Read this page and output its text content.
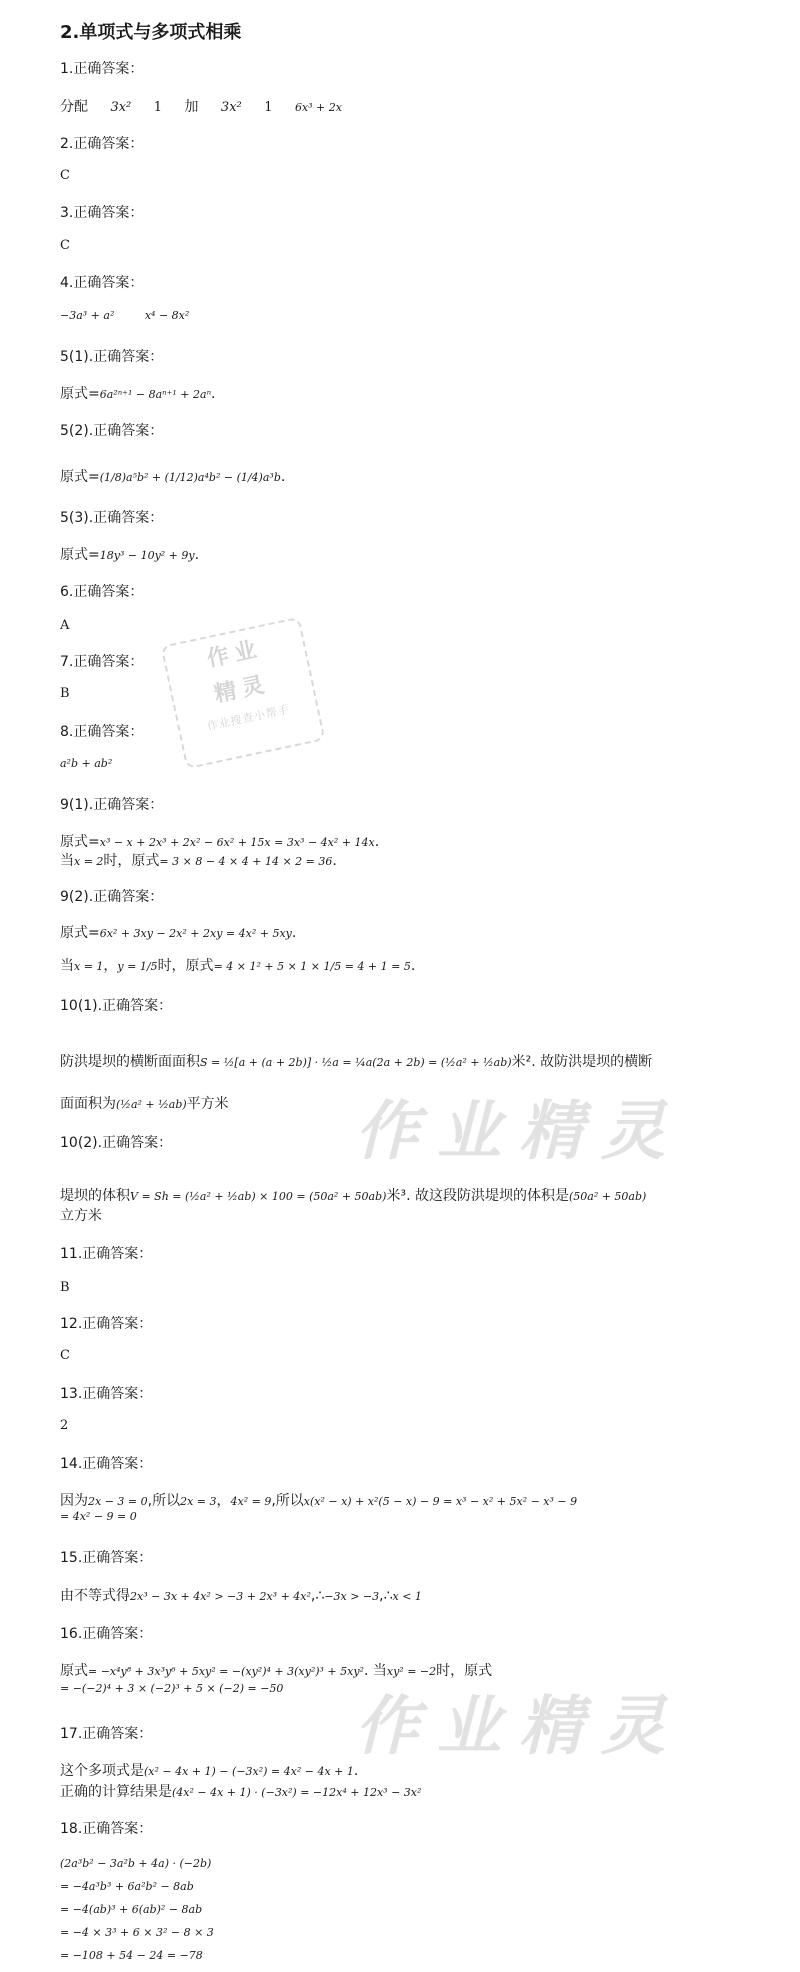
2.单项式与多项式相乘
1.正确答案：
分配 3x² 1 加 3x² 1 6x³ + 2x
2.正确答案：
C
3.正确答案：
C
4.正确答案：
−3a³ + a²	x⁴ − 8x²
5(1).正确答案：
原式=6a²ⁿ⁺¹ − 8aⁿ⁺¹ + 2aⁿ.
5(2).正确答案：
原式=(1/8)a⁵b² + (1/12)a⁴b² − (1/4)a³b.
5(3).正确答案：
原式=18y³ − 10y² + 9y.
6.正确答案：
A
7.正确答案：
B
作业
精灵
作业搜查小帮手
8.正确答案：
a²b + ab²
9(1).正确答案：
原式=x³ − x + 2x³ + 2x² − 6x² + 15x = 3x³ − 4x² + 14x.
当x = 2时，原式= 3 × 8 − 4 × 4 + 14 × 2 = 36.
9(2).正确答案：
原式=6x² + 3xy − 2x² + 2xy = 4x² + 5xy.
当x = 1，y = 1/5时，原式= 4 × 1² + 5 × 1 × 1/5 = 4 + 1 = 5.
10(1).正确答案：
防洪堤坝的横断面面积S = ½[a + (a + 2b)] · ½a = ¼a(2a + 2b) = (½a² + ½ab)米². 故防洪堤坝的横断
面面积为(½a² + ½ab)平方米 作业精灵
10(2).正确答案：
堤坝的体积V = Sh = (½a² + ½ab) × 100 = (50a² + 50ab)米³. 故这段防洪堤坝的体积是(50a² + 50ab)
立方米
11.正确答案：
B
12.正确答案：
C
13.正确答案：
2
14.正确答案：
因为2x − 3 = 0,所以2x = 3，4x² = 9,所以x(x² − x) + x²(5 − x) − 9 = x³ − x² + 5x² − x³ − 9
= 4x² − 9 = 0
15.正确答案：
由不等式得2x³ − 3x + 4x² > −3 + 2x³ + 4x²,∴−3x > −3,∴x < 1
16.正确答案：
原式= −x⁴y⁸ + 3x³y⁶ + 5xy² = −(xy²)⁴ + 3(xy²)³ + 5xy². 当xy² = −2时，原式
= −(−2)⁴ + 3 × (−2)³ + 5 × (−2) = −50
作业精灵
17.正确答案：
这个多项式是(x² − 4x + 1) − (−3x²) = 4x² − 4x + 1.
正确的计算结果是(4x² − 4x + 1) · (−3x²) = −12x⁴ + 12x³ − 3x²
18.正确答案：
(2a³b² − 3a²b + 4a) · (−2b)
= −4a³b³ + 6a²b² − 8ab
= −4(ab)³ + 6(ab)² − 8ab
= −4 × 3³ + 6 × 3² − 8 × 3
= −108 + 54 − 24 = −78
